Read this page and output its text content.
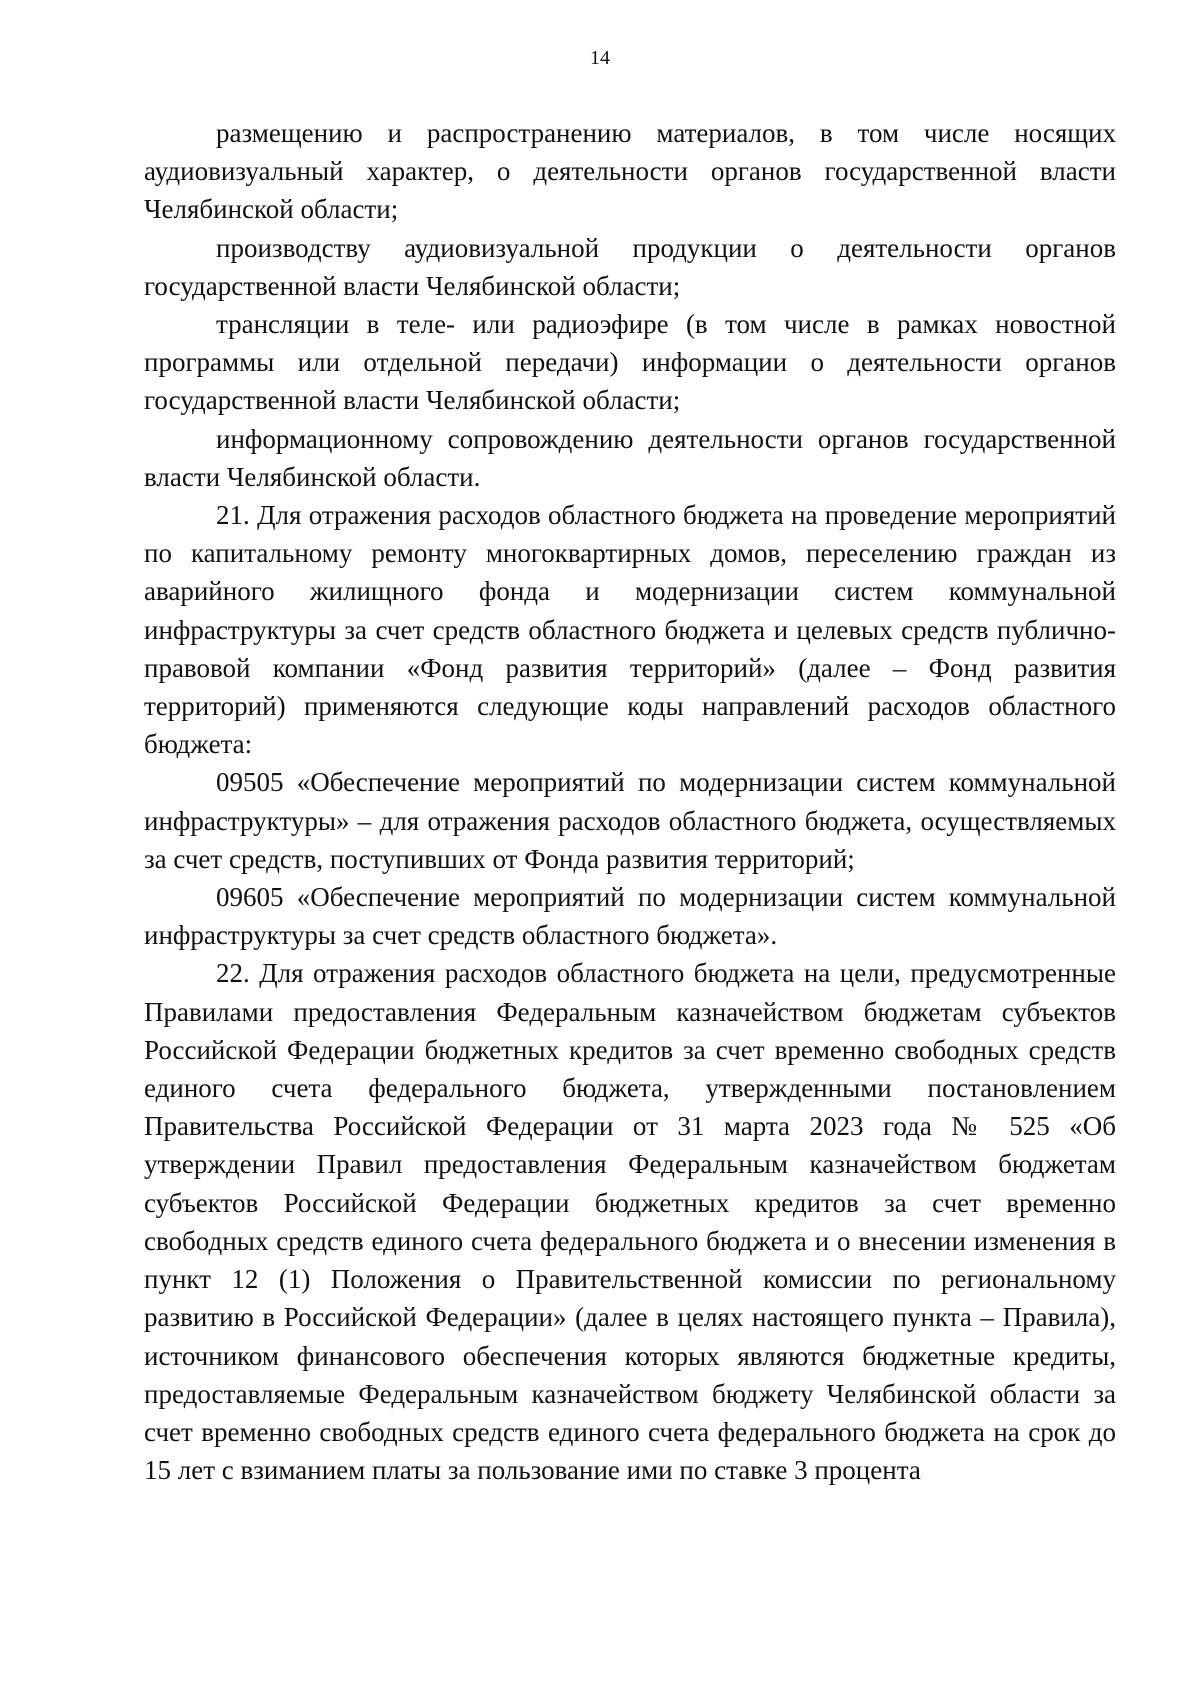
14

размещению и распространению материалов, в том числе носящих аудиовизуальный характер, о деятельности органов государственной власти Челябинской области;

производству аудиовизуальной продукции о деятельности органов государственной власти Челябинской области;

трансляции в теле- или радиоэфире (в том числе в рамках новостной программы или отдельной передачи) информации о деятельности органов государственной власти Челябинской области;

информационному сопровождению деятельности органов государственной власти Челябинской области.

21. Для отражения расходов областного бюджета на проведение мероприятий по капитальному ремонту многоквартирных домов, переселению граждан из аварийного жилищного фонда и модернизации систем коммунальной инфраструктуры за счет средств областного бюджета и целевых средств публично-правовой компании «Фонд развития территорий» (далее – Фонд развития территорий) применяются следующие коды направлений расходов областного бюджета:

09505 «Обеспечение мероприятий по модернизации систем коммунальной инфраструктуры» – для отражения расходов областного бюджета, осуществляемых за счет средств, поступивших от Фонда развития территорий;

09605 «Обеспечение мероприятий по модернизации систем коммунальной инфраструктуры за счет средств областного бюджета».

22. Для отражения расходов областного бюджета на цели, предусмотренные Правилами предоставления Федеральным казначейством бюджетам субъектов Российской Федерации бюджетных кредитов за счет временно свободных средств единого счета федерального бюджета, утвержденными постановлением Правительства Российской Федерации от 31 марта 2023 года № 525 «Об утверждении Правил предоставления Федеральным казначейством бюджетам субъектов Российской Федерации бюджетных кредитов за счет временно свободных средств единого счета федерального бюджета и о внесении изменения в пункт 12 (1) Положения о Правительственной комиссии по региональному развитию в Российской Федерации» (далее в целях настоящего пункта – Правила), источником финансового обеспечения которых являются бюджетные кредиты, предоставляемые Федеральным казначейством бюджету Челябинской области за счет временно свободных средств единого счета федерального бюджета на срок до 15 лет с взиманием платы за пользование ими по ставке 3 процента
